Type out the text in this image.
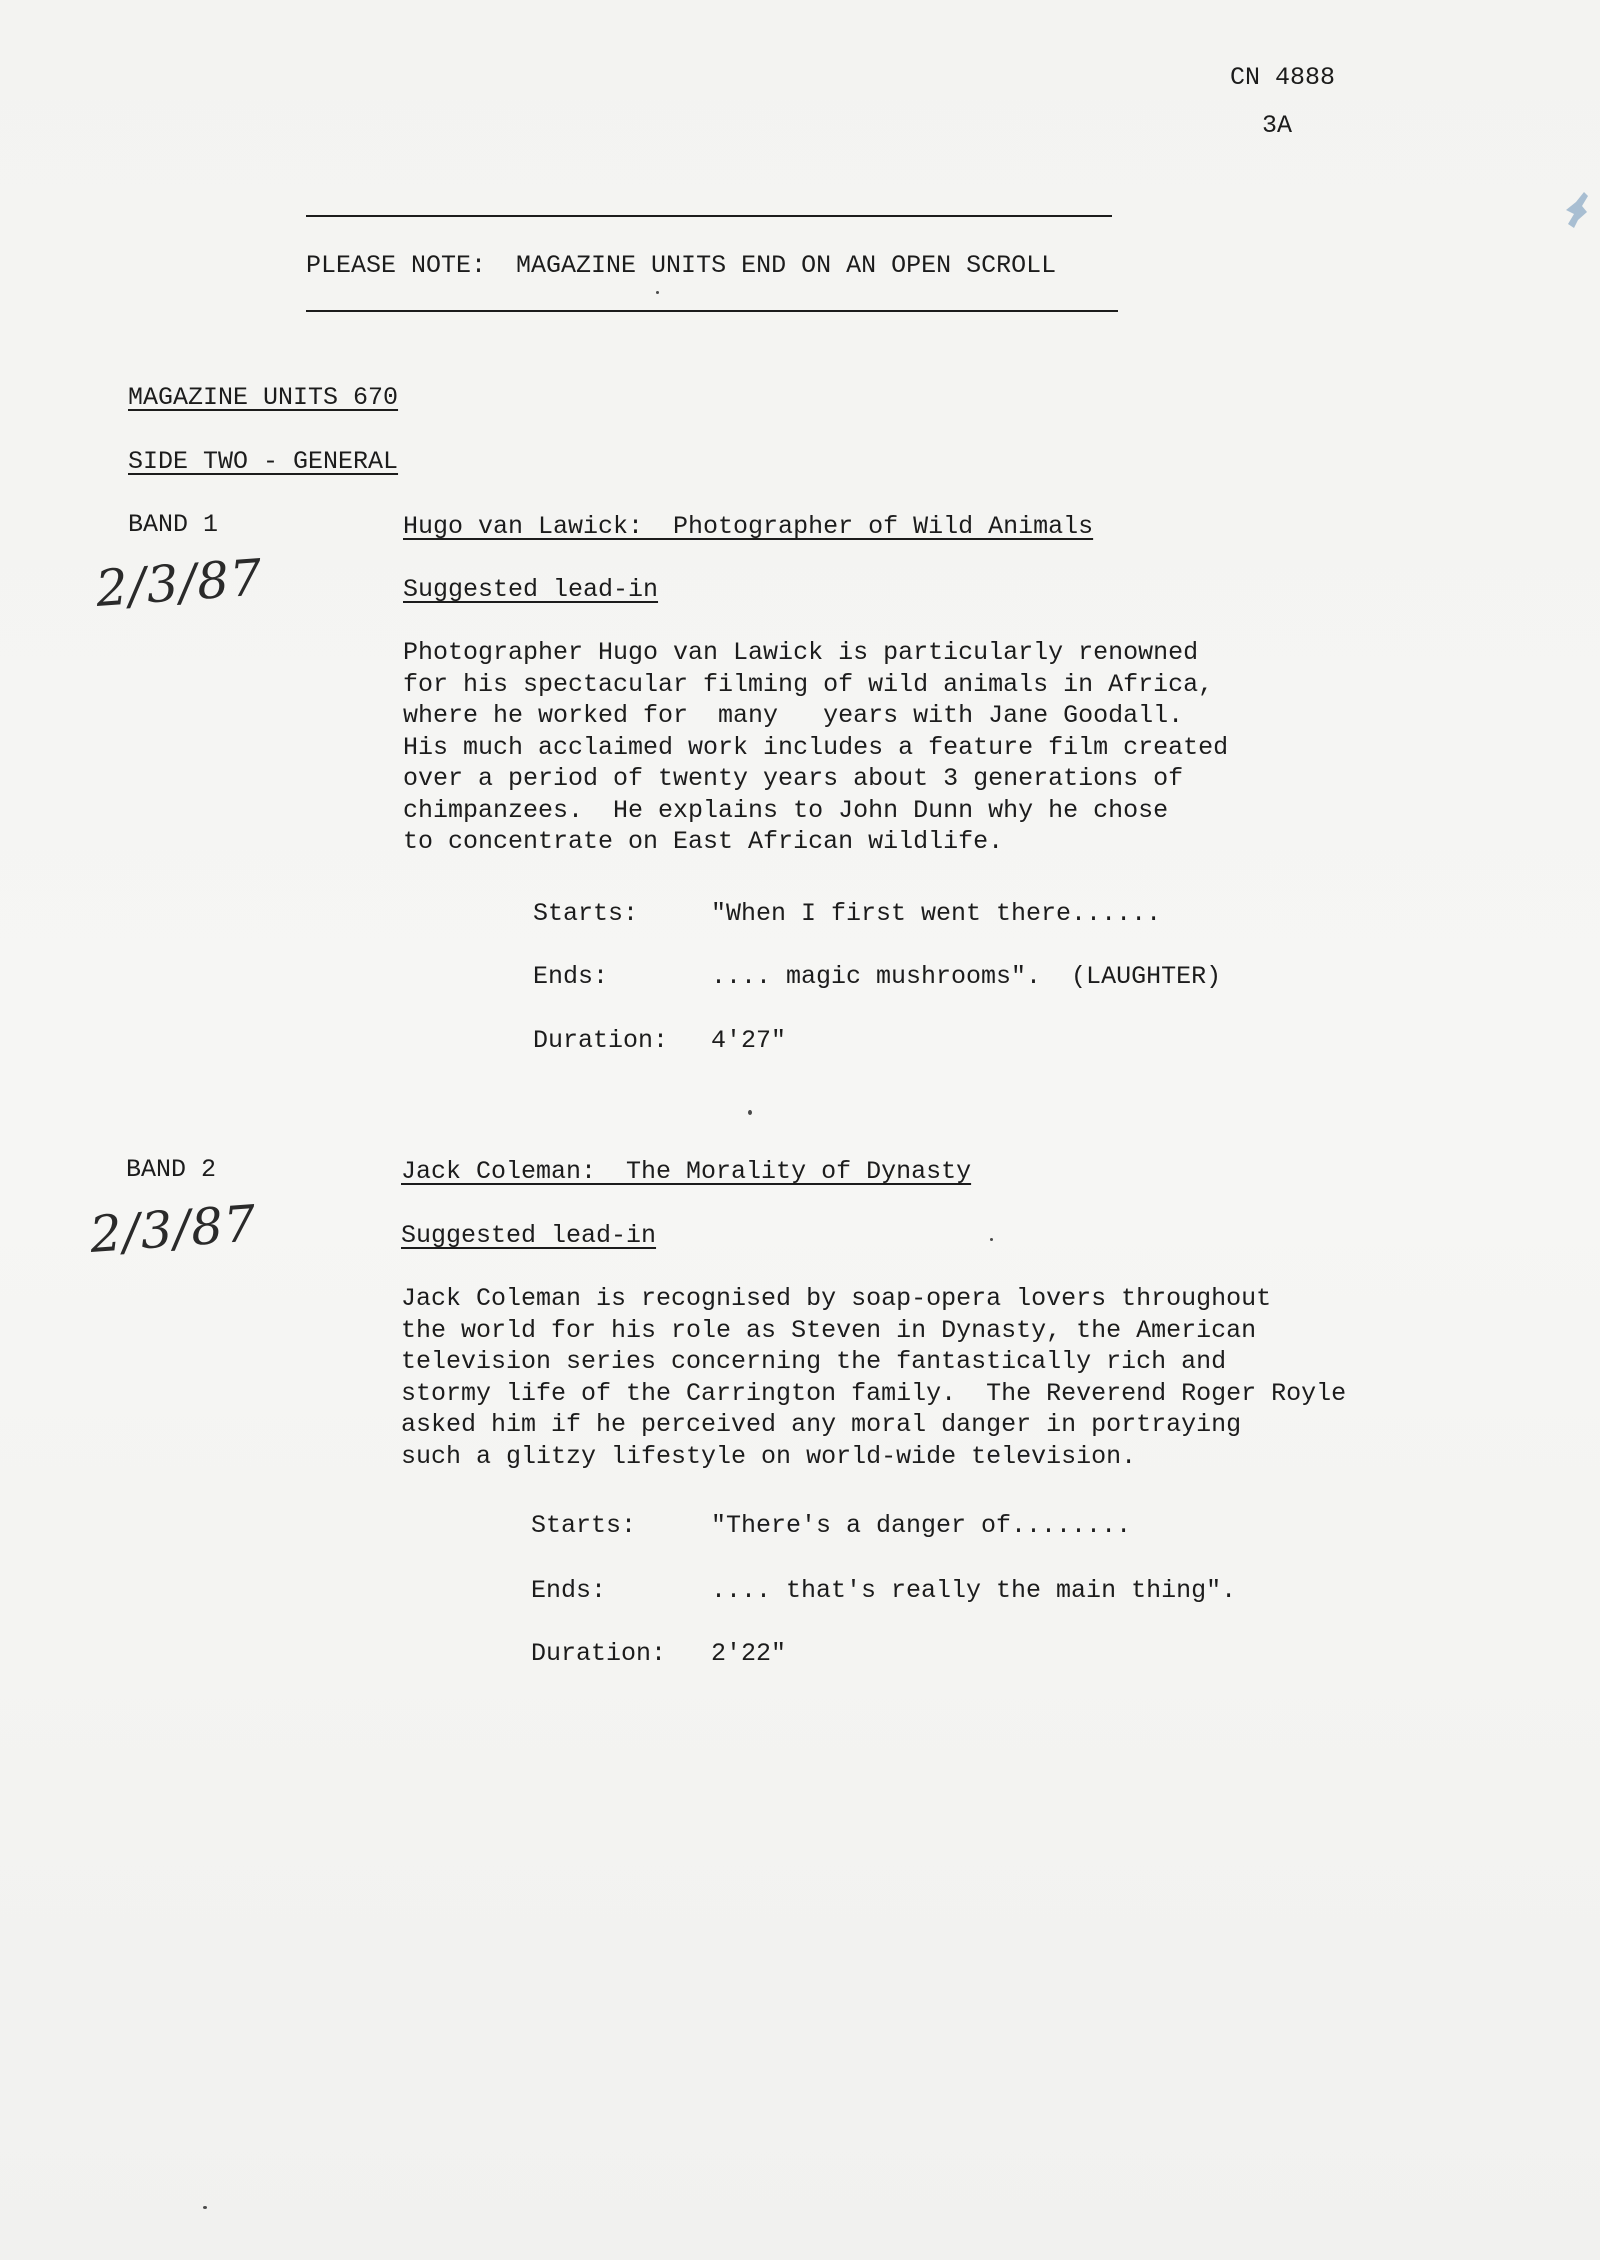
CN 4888
3A
PLEASE NOTE:  MAGAZINE UNITS END ON AN OPEN SCROLL
MAGAZINE UNITS 670
SIDE TWO - GENERAL
BAND 1
2/3/87
Hugo van Lawick:  Photographer of Wild Animals
Suggested lead-in
Photographer Hugo van Lawick is particularly renowned
for his spectacular filming of wild animals in Africa,
where he worked for  many   years with Jane Goodall.
His much acclaimed work includes a feature film created
over a period of twenty years about 3 generations of
chimpanzees.  He explains to John Dunn why he chose
to concentrate on East African wildlife.
Starts:	"When I first went there......
Ends:	.... magic mushrooms".  (LAUGHTER)
Duration: 4'27"
BAND 2
2/3/87
Jack Coleman:  The Morality of Dynasty
Suggested lead-in
Jack Coleman is recognised by soap-opera lovers throughout
the world for his role as Steven in Dynasty, the American
television series concerning the fantastically rich and
stormy life of the Carrington family.  The Reverend Roger Royle
asked him if he perceived any moral danger in portraying
such a glitzy lifestyle on world-wide television.
Starts:	"There's a danger of........
Ends:	.... that's really the main thing".
Duration: 2'22"
